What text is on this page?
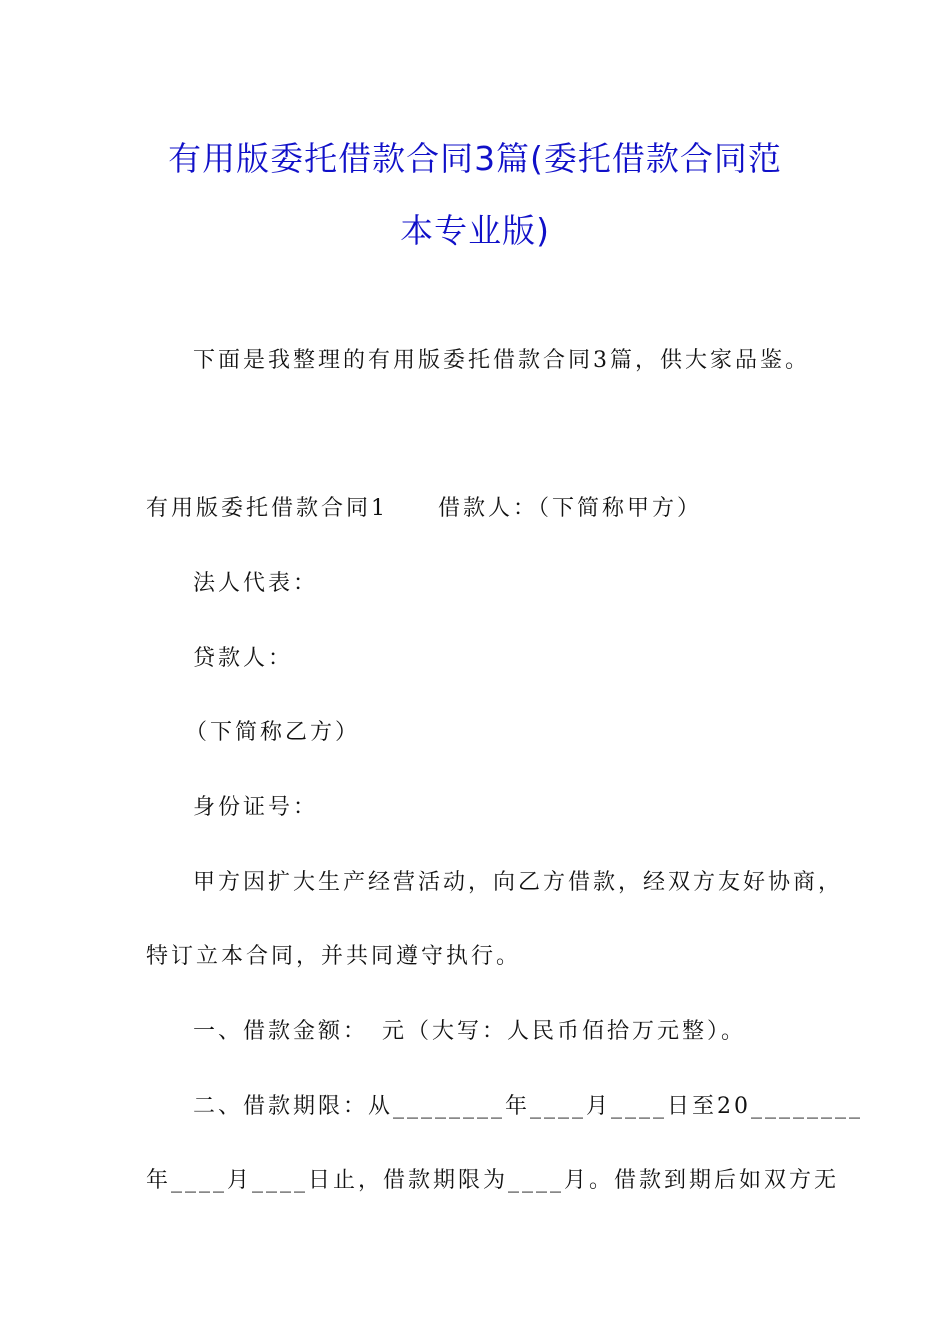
有用版委托借款合同3篇(委托借款合同范
本专业版)
下面是我整理的有用版委托借款合同3篇，供大家品鉴。
有用版委托借款合同1　　借款人：（下简称甲方）
法人代表：
贷款人：
（下简称乙方）
身份证号：
甲方因扩大生产经营活动，向乙方借款，经双方友好协商，
特订立本合同，并共同遵守执行。
一、借款金额：　元（大写：人民币佰拾万元整）。
二、借款期限：从________年____月____日至20________
年____月____日止，借款期限为____月。借款到期后如双方无
